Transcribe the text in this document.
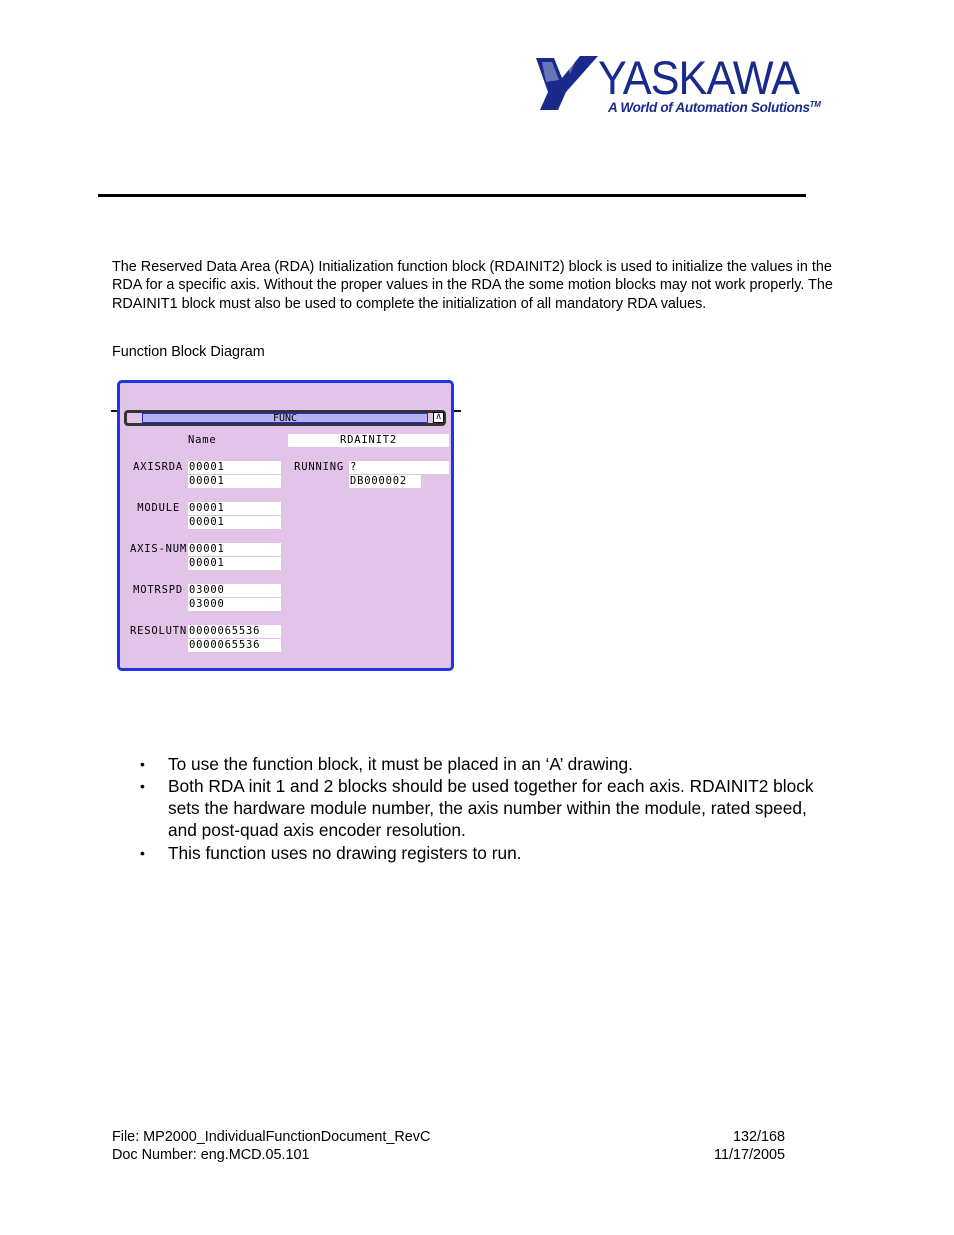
YASKAWA
A World of Automation Solutions™

The Reserved Data Area (RDA) Initialization function block (RDAINIT2) block is used to initialize the values in the RDA for a specific axis. Without the proper values in the RDA the some motion blocks may not work properly. The RDAINIT1 block must also be used to complete the initialization of all mandatory RDA values.

Function Block Diagram

FUNC	⊼
Name	RDAINIT2
AXISRDA 00001
00001
MODULE 00001
00001
AXIS-NUM 00001
00001
MOTRSPD 03000
03000
RESOLUTN 0000065536
0000065536
RUNNING ?
DB000002
• To use the function block, it must be placed in an ‘A’ drawing.
• Both RDA init 1 and 2 blocks should be used together for each axis. RDAINIT2 block sets the hardware module number, the axis number within the module, rated speed, and post-quad axis encoder resolution.
• This function uses no drawing registers to run.
File: MP2000_IndividualFunctionDocument_RevC
Doc Number: eng.MCD.05.101
132/168
11/17/2005
